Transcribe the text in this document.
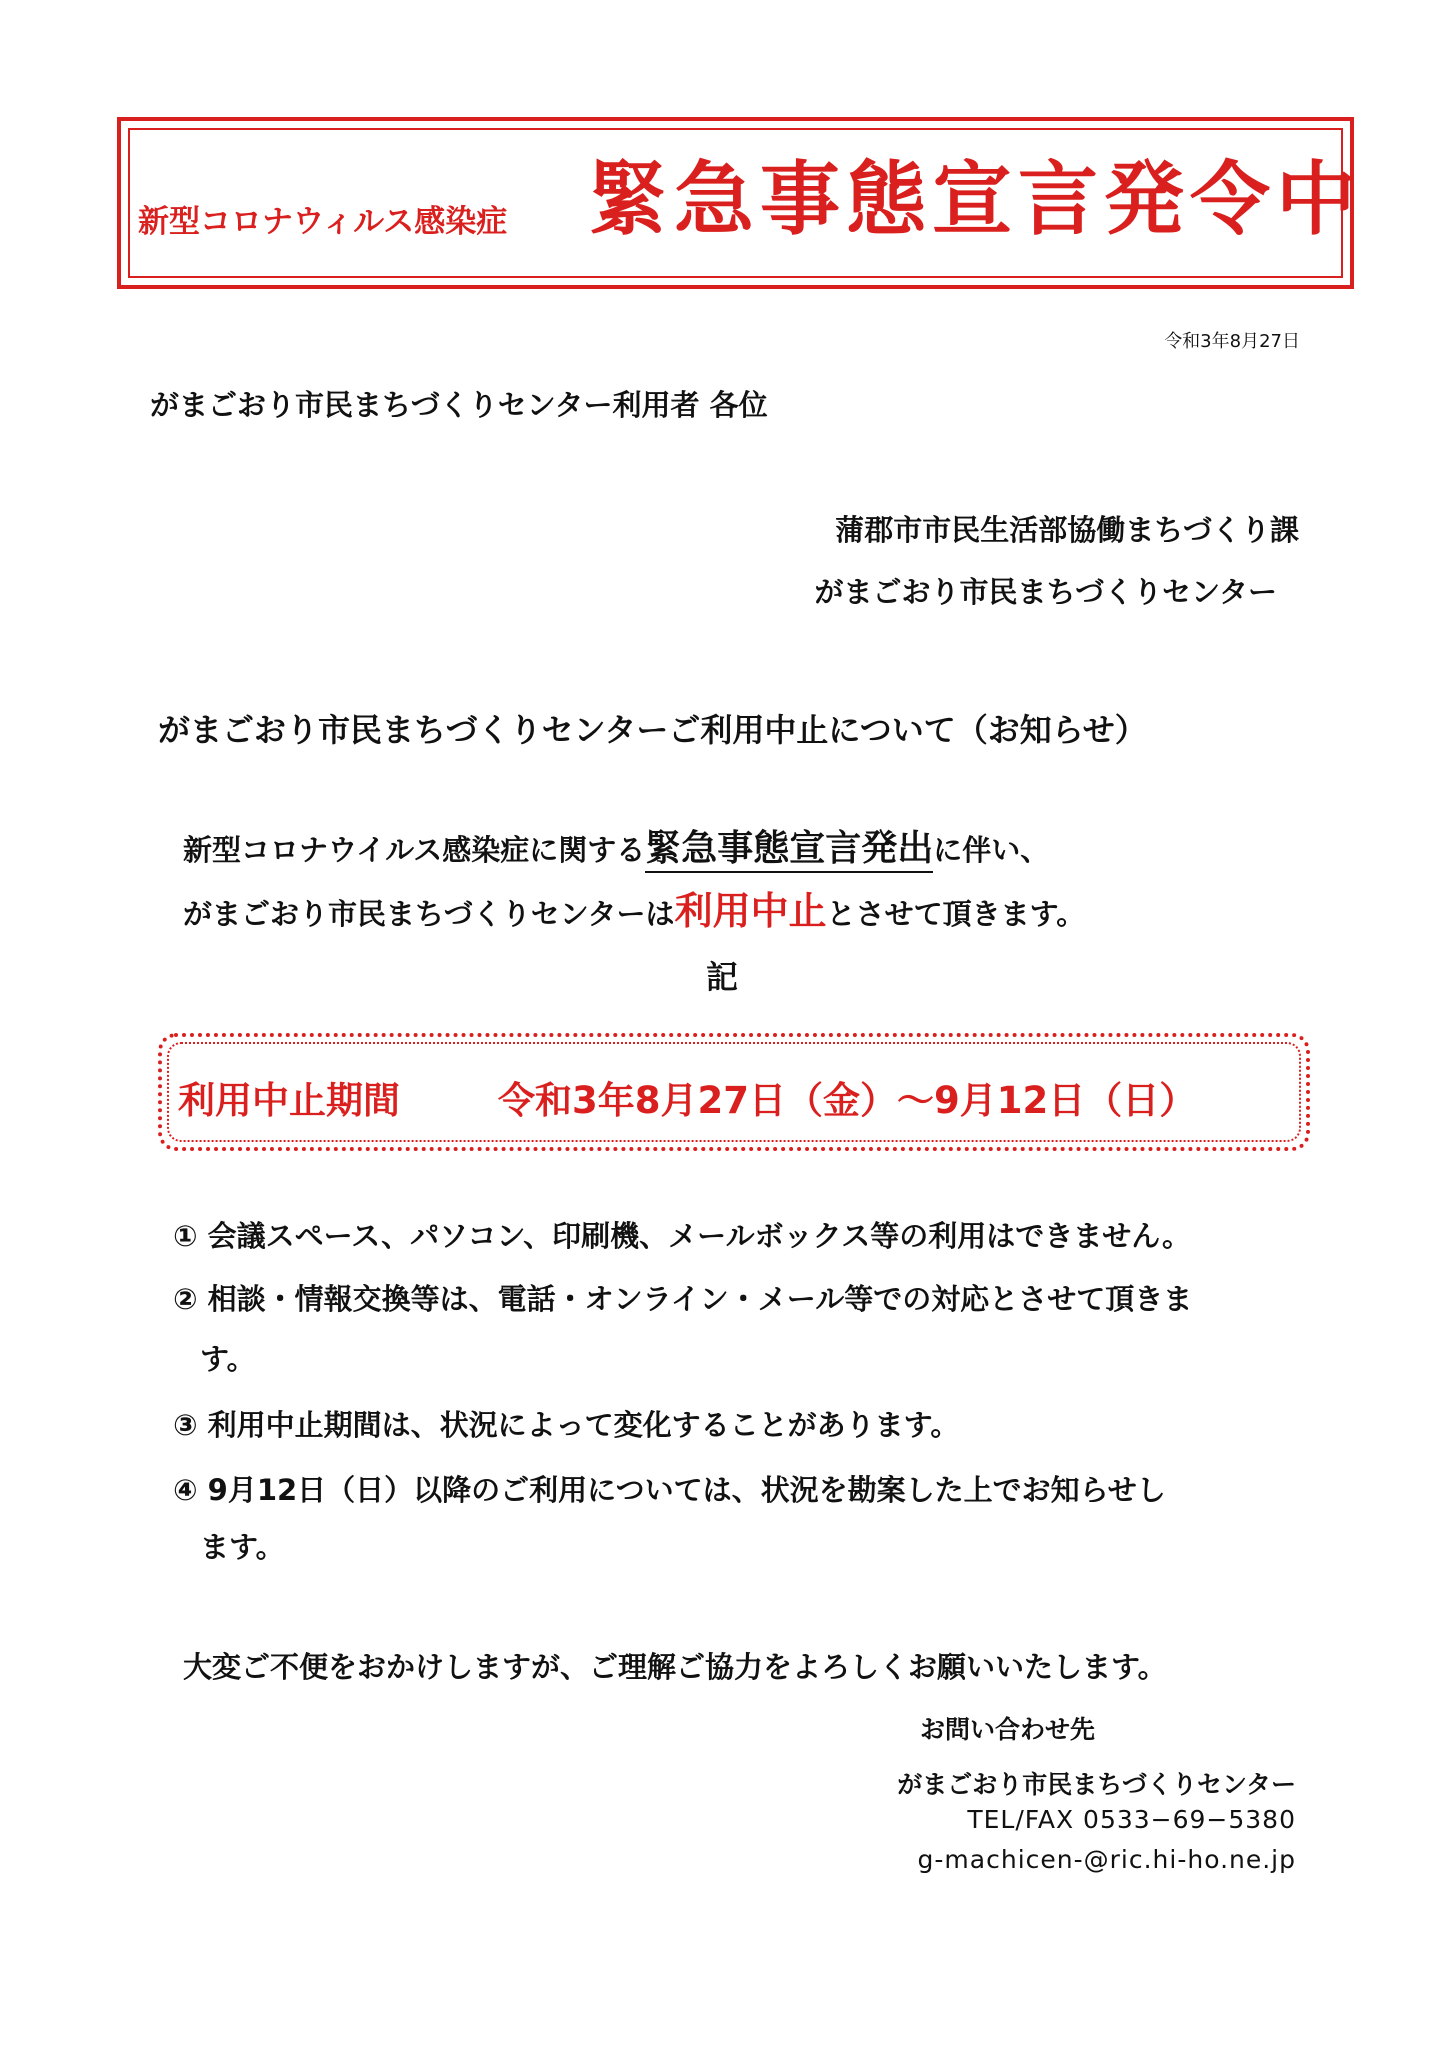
新型コロナウィルス感染症 緊急事態宣言発令中
令和3年8月27日
がまごおり市民まちづくりセンター利用者 各位
蒲郡市市民生活部協働まちづくり課
がまごおり市民まちづくりセンター
がまごおり市民まちづくりセンターご利用中止について（お知らせ）
新型コロナウイルス感染症に関する緊急事態宣言発出に伴い、
がまごおり市民まちづくりセンターは利用中止とさせて頂きます。
記
利用中止期間	令和3年8月27日（金）～9月12日（日）
① 会議スペース、パソコン、印刷機、メールボックス等の利用はできません。
② 相談・情報交換等は、電話・オンライン・メール等での対応とさせて頂きま
す。
③ 利用中止期間は、状況によって変化することがあります。
④ 9月12日（日）以降のご利用については、状況を勘案した上でお知らせし
ます。
大変ご不便をおかけしますが、ご理解ご協力をよろしくお願いいたします。
お問い合わせ先
がまごおり市民まちづくりセンター
TEL/FAX 0533−69−5380
g-machicen-@ric.hi-ho.ne.jp
